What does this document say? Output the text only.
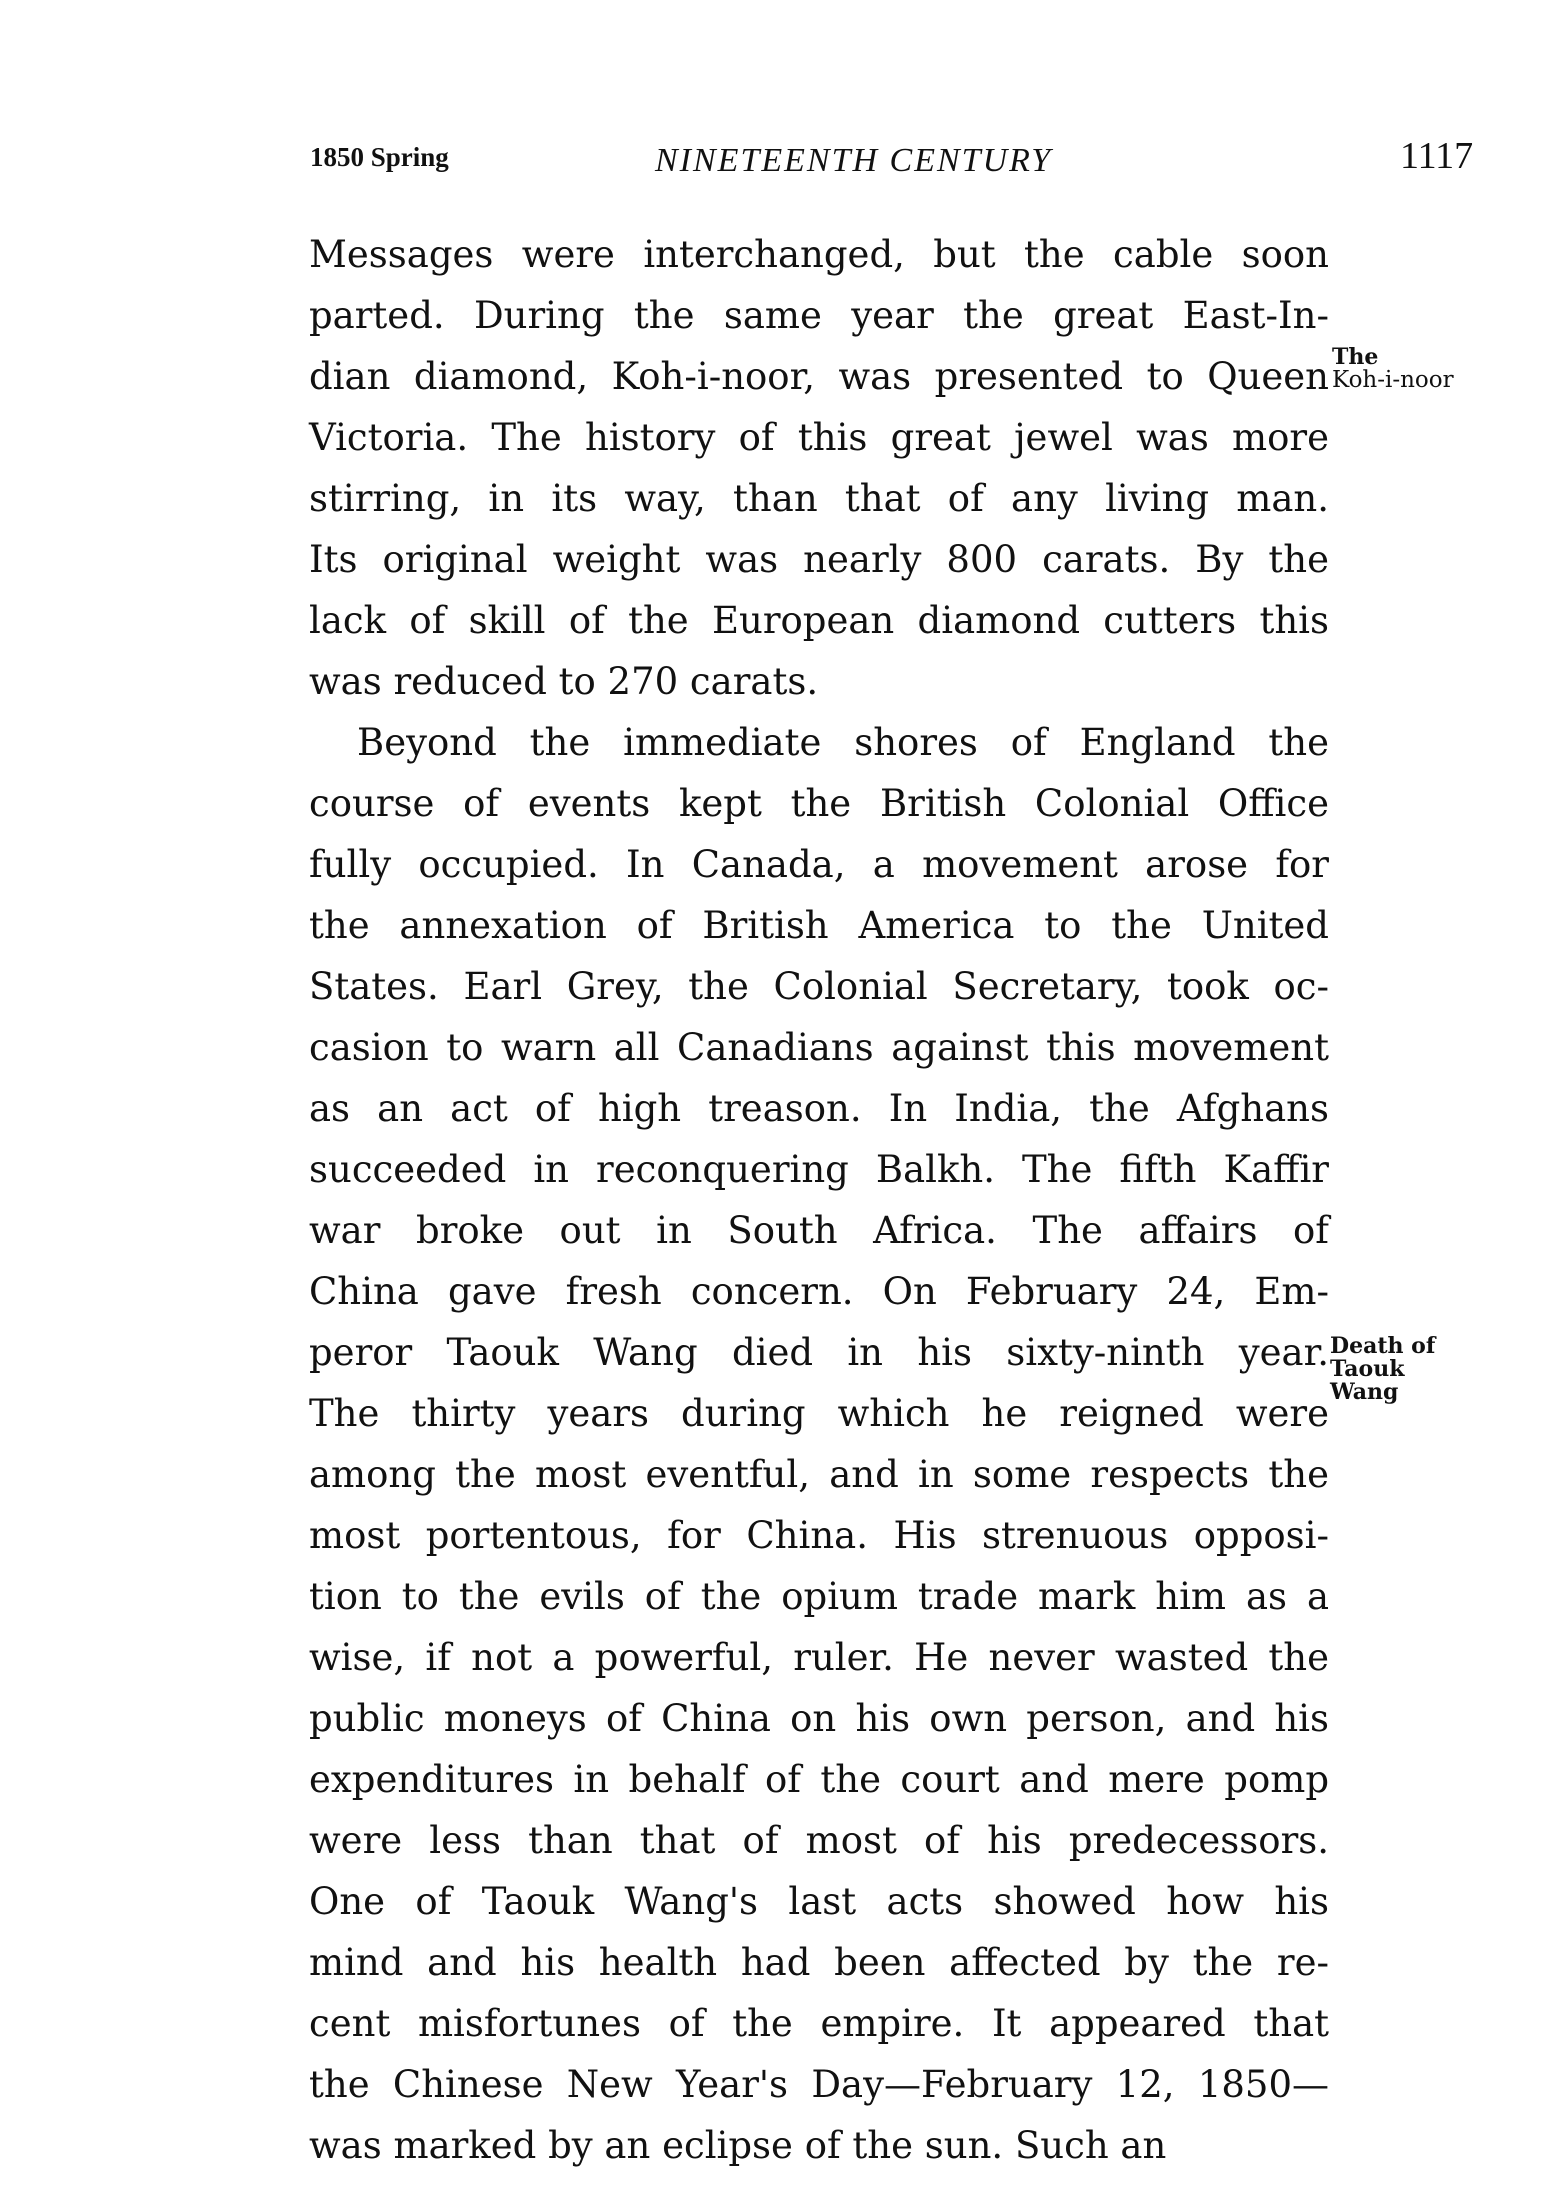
1850 Spring	NINETEENTH CENTURY	1117
Messages were interchanged, but the cable soon
parted. During the same year the great East-In-
dian diamond, Koh-i-noor, was presented to Queen
Victoria. The history of this great jewel was more
stirring, in its way, than that of any living man.
Its original weight was nearly 800 carats. By the
lack of skill of the European diamond cutters this
was reduced to 270 carats.
Beyond the immediate shores of England the
course of events kept the British Colonial Office
fully occupied. In Canada, a movement arose for
the annexation of British America to the United
States. Earl Grey, the Colonial Secretary, took oc-
casion to warn all Canadians against this movement
as an act of high treason. In India, the Afghans
succeeded in reconquering Balkh. The fifth Kaffir
war broke out in South Africa. The affairs of
China gave fresh concern. On February 24, Em-
peror Taouk Wang died in his sixty-ninth year.
The thirty years during which he reigned were
among the most eventful, and in some respects the
most portentous, for China. His strenuous opposi-
tion to the evils of the opium trade mark him as a
wise, if not a powerful, ruler. He never wasted the
public moneys of China on his own person, and his
expenditures in behalf of the court and mere pomp
were less than that of most of his predecessors.
One of Taouk Wang's last acts showed how his
mind and his health had been affected by the re-
cent misfortunes of the empire. It appeared that
the Chinese New Year's Day—February 12, 1850—
was marked by an eclipse of the sun. Such an
The
Koh-i-noor
Death of
Taouk
Wang
